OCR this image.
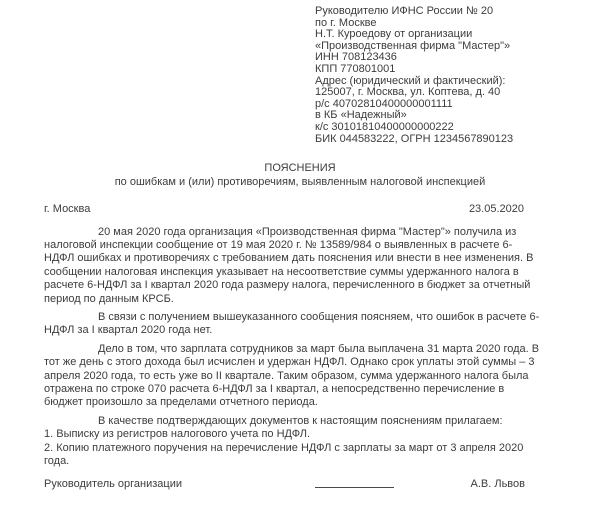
Руководителю ИФНС России № 20
по г. Москве
Н.Т. Куроедову от организации
«Производственная фирма "Мастер"»
ИНН 708123436
КПП 770801001
Адрес (юридический и фактический):
125007, г. Москва, ул. Коптева, д. 40
р/с 40702810400000001111
в КБ «Надежный»
к/с 30101810400000000222
БИК 044583222, ОГРН 1234567890123
ПОЯСНЕНИЯ
по ошибкам и (или) противоречиям, выявленным налоговой инспекцией
г. Москва	23.05.2020

20 мая 2020 года организация «Производственная фирма "Мастер"» получила из налоговой инспекции сообщение от 19 мая 2020 г. № 13589/984 о выявленных в расчете 6-НДФЛ ошибках и противоречиях с требованием дать пояснения или внести в нее изменения. В сообщении налоговая инспекция указывает на несоответствие суммы удержанного налога в расчете 6-НДФЛ за I квартал 2020 года размеру налога, перечисленного в бюджет за отчетный период по данным КРСБ.

В связи с получением вышеуказанного сообщения поясняем, что ошибок в расчете 6-НДФЛ за I квартал 2020 года нет.

Дело в том, что зарплата сотрудников за март была выплачена 31 марта 2020 года. В тот же день с этого дохода был исчислен и удержан НДФЛ. Однако срок уплаты этой суммы – 3 апреля 2020 года, то есть уже во II квартале. Таким образом, сумма удержанного налога была отражена по строке 070 расчета 6-НДФЛ за I квартал, а непосредственно перечисление в бюджет произошло за пределами отчетного периода.

В качестве подтверждающих документов к настоящим пояснениям прилагаем:

1. Выписку из регистров налогового учета по НДФЛ.
2. Копию платежного поручения на перечисление НДФЛ с зарплаты за март от 3 апреля 2020 года.
Руководитель организации	А.В. Львов
